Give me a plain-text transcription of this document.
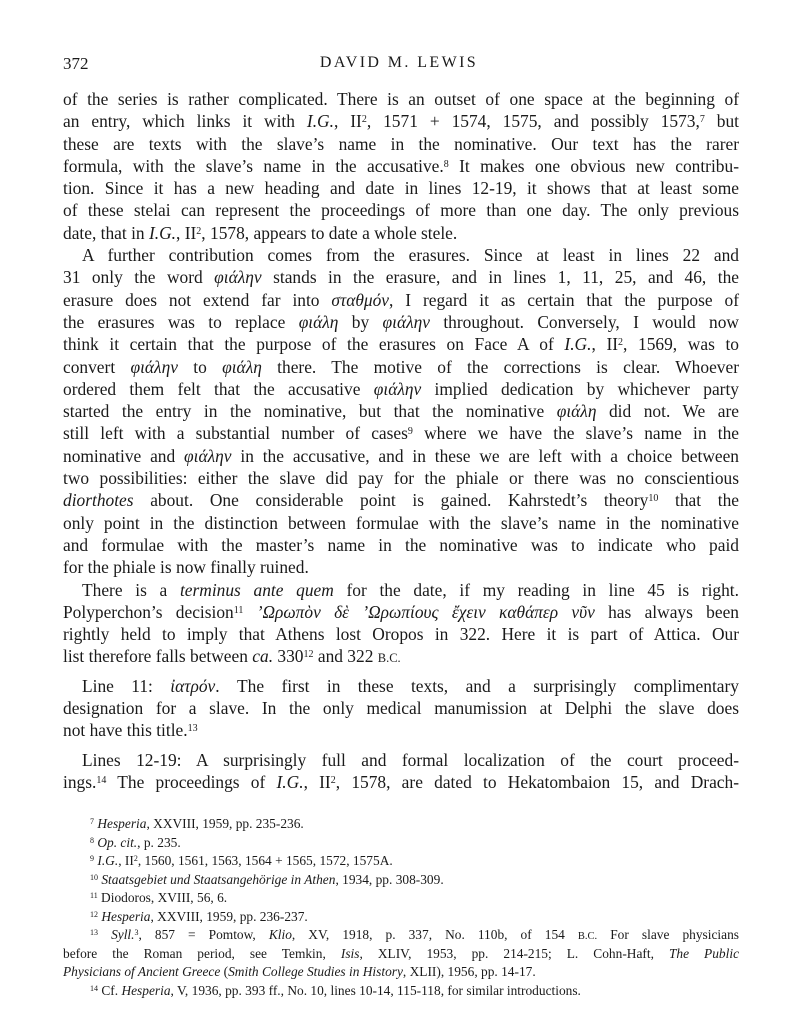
372	DAVID M. LEWIS
of the series is rather complicated. There is an outset of one space at the beginning of
an entry, which links it with I.G., $II^2$, 1571 + 1574, 1575, and possibly 1573,$^7$ but
these are texts with the slave’s name in the nominative. Our text has the rarer
formula, with the slave’s name in the accusative.$^8$ It makes one obvious new contribu-
tion. Since it has a new heading and date in lines 12-19, it shows that at least some
of these stelai can represent the proceedings of more than one day. The only previous
date, that in I.G., $II^2$, 1578, appears to date a whole stele.
A further contribution comes from the erasures. Since at least in lines 22 and
31 only the word φιάλην stands in the erasure, and in lines 1, 11, 25, and 46, the
erasure does not extend far into σταθμόν, I regard it as certain that the purpose of
the erasures was to replace φιάλη by φιάλην throughout. Conversely, I would now
think it certain that the purpose of the erasures on Face A of I.G., $II^2$, 1569, was to
convert φιάλην to φιάλη there. The motive of the corrections is clear. Whoever
ordered them felt that the accusative φιάλην implied dedication by whichever party
started the entry in the nominative, but that the nominative φιάλη did not. We are
still left with a substantial number of cases$^9$ where we have the slave’s name in the
nominative and φιάλην in the accusative, and in these we are left with a choice between
two possibilities: either the slave did pay for the phiale or there was no conscientious
diorthotes about. One considerable point is gained. Kahrstedt’s theory$^{10}$ that the
only point in the distinction between formulae with the slave’s name in the nominative
and formulae with the master’s name in the nominative was to indicate who paid
for the phiale is now finally ruined.
There is a terminus ante quem for the date, if my reading in line 45 is right.
Polyperchon’s decision$^{11}$ ’Ωρωπὸν δὲ ’Ωρωπίους ἔχειν καθάπερ νῦν has always been
rightly held to imply that Athens lost Oropos in 322. Here it is part of Attica. Our
list therefore falls between ca. $330^{12}$ and 322 B.C.
Line 11: ἰατρόν. The first in these texts, and a surprisingly complimentary
designation for a slave. In the only medical manumission at Delphi the slave does
not have this title.$^{13}$
Lines 12-19: A surprisingly full and formal localization of the court proceed-
ings.$^{14}$ The proceedings of I.G., $II^2$, 1578, are dated to Hekatombaion 15, and Drach-
$^7$ Hesperia, XXVIII, 1959, pp. 235-236.
$^8$ Op. cit., p. 235.
$^9$ I.G., $II^2$, 1560, 1561, 1563, 1564 + 1565, 1572, 1575A.
$^{10}$ Staatsgebiet und Staatsangehörige in Athen, 1934, pp. 308-309.
$^{11}$ Diodoros, XVIII, 56, 6.
$^{12}$ Hesperia, XXVIII, 1959, pp. 236-237.
$^{13}$ Syll.$^3$, 857 = Pomtow, Klio, XV, 1918, p. 337, No. 110b, of 154 B.C. For slave physicians
before the Roman period, see Temkin, Isis, XLIV, 1953, pp. 214-215; L. Cohn-Haft, The Public
Physicians of Ancient Greece (Smith College Studies in History, XLII), 1956, pp. 14-17.
$^{14}$ Cf. Hesperia, V, 1936, pp. 393 ff., No. 10, lines 10-14, 115-118, for similar introductions.
